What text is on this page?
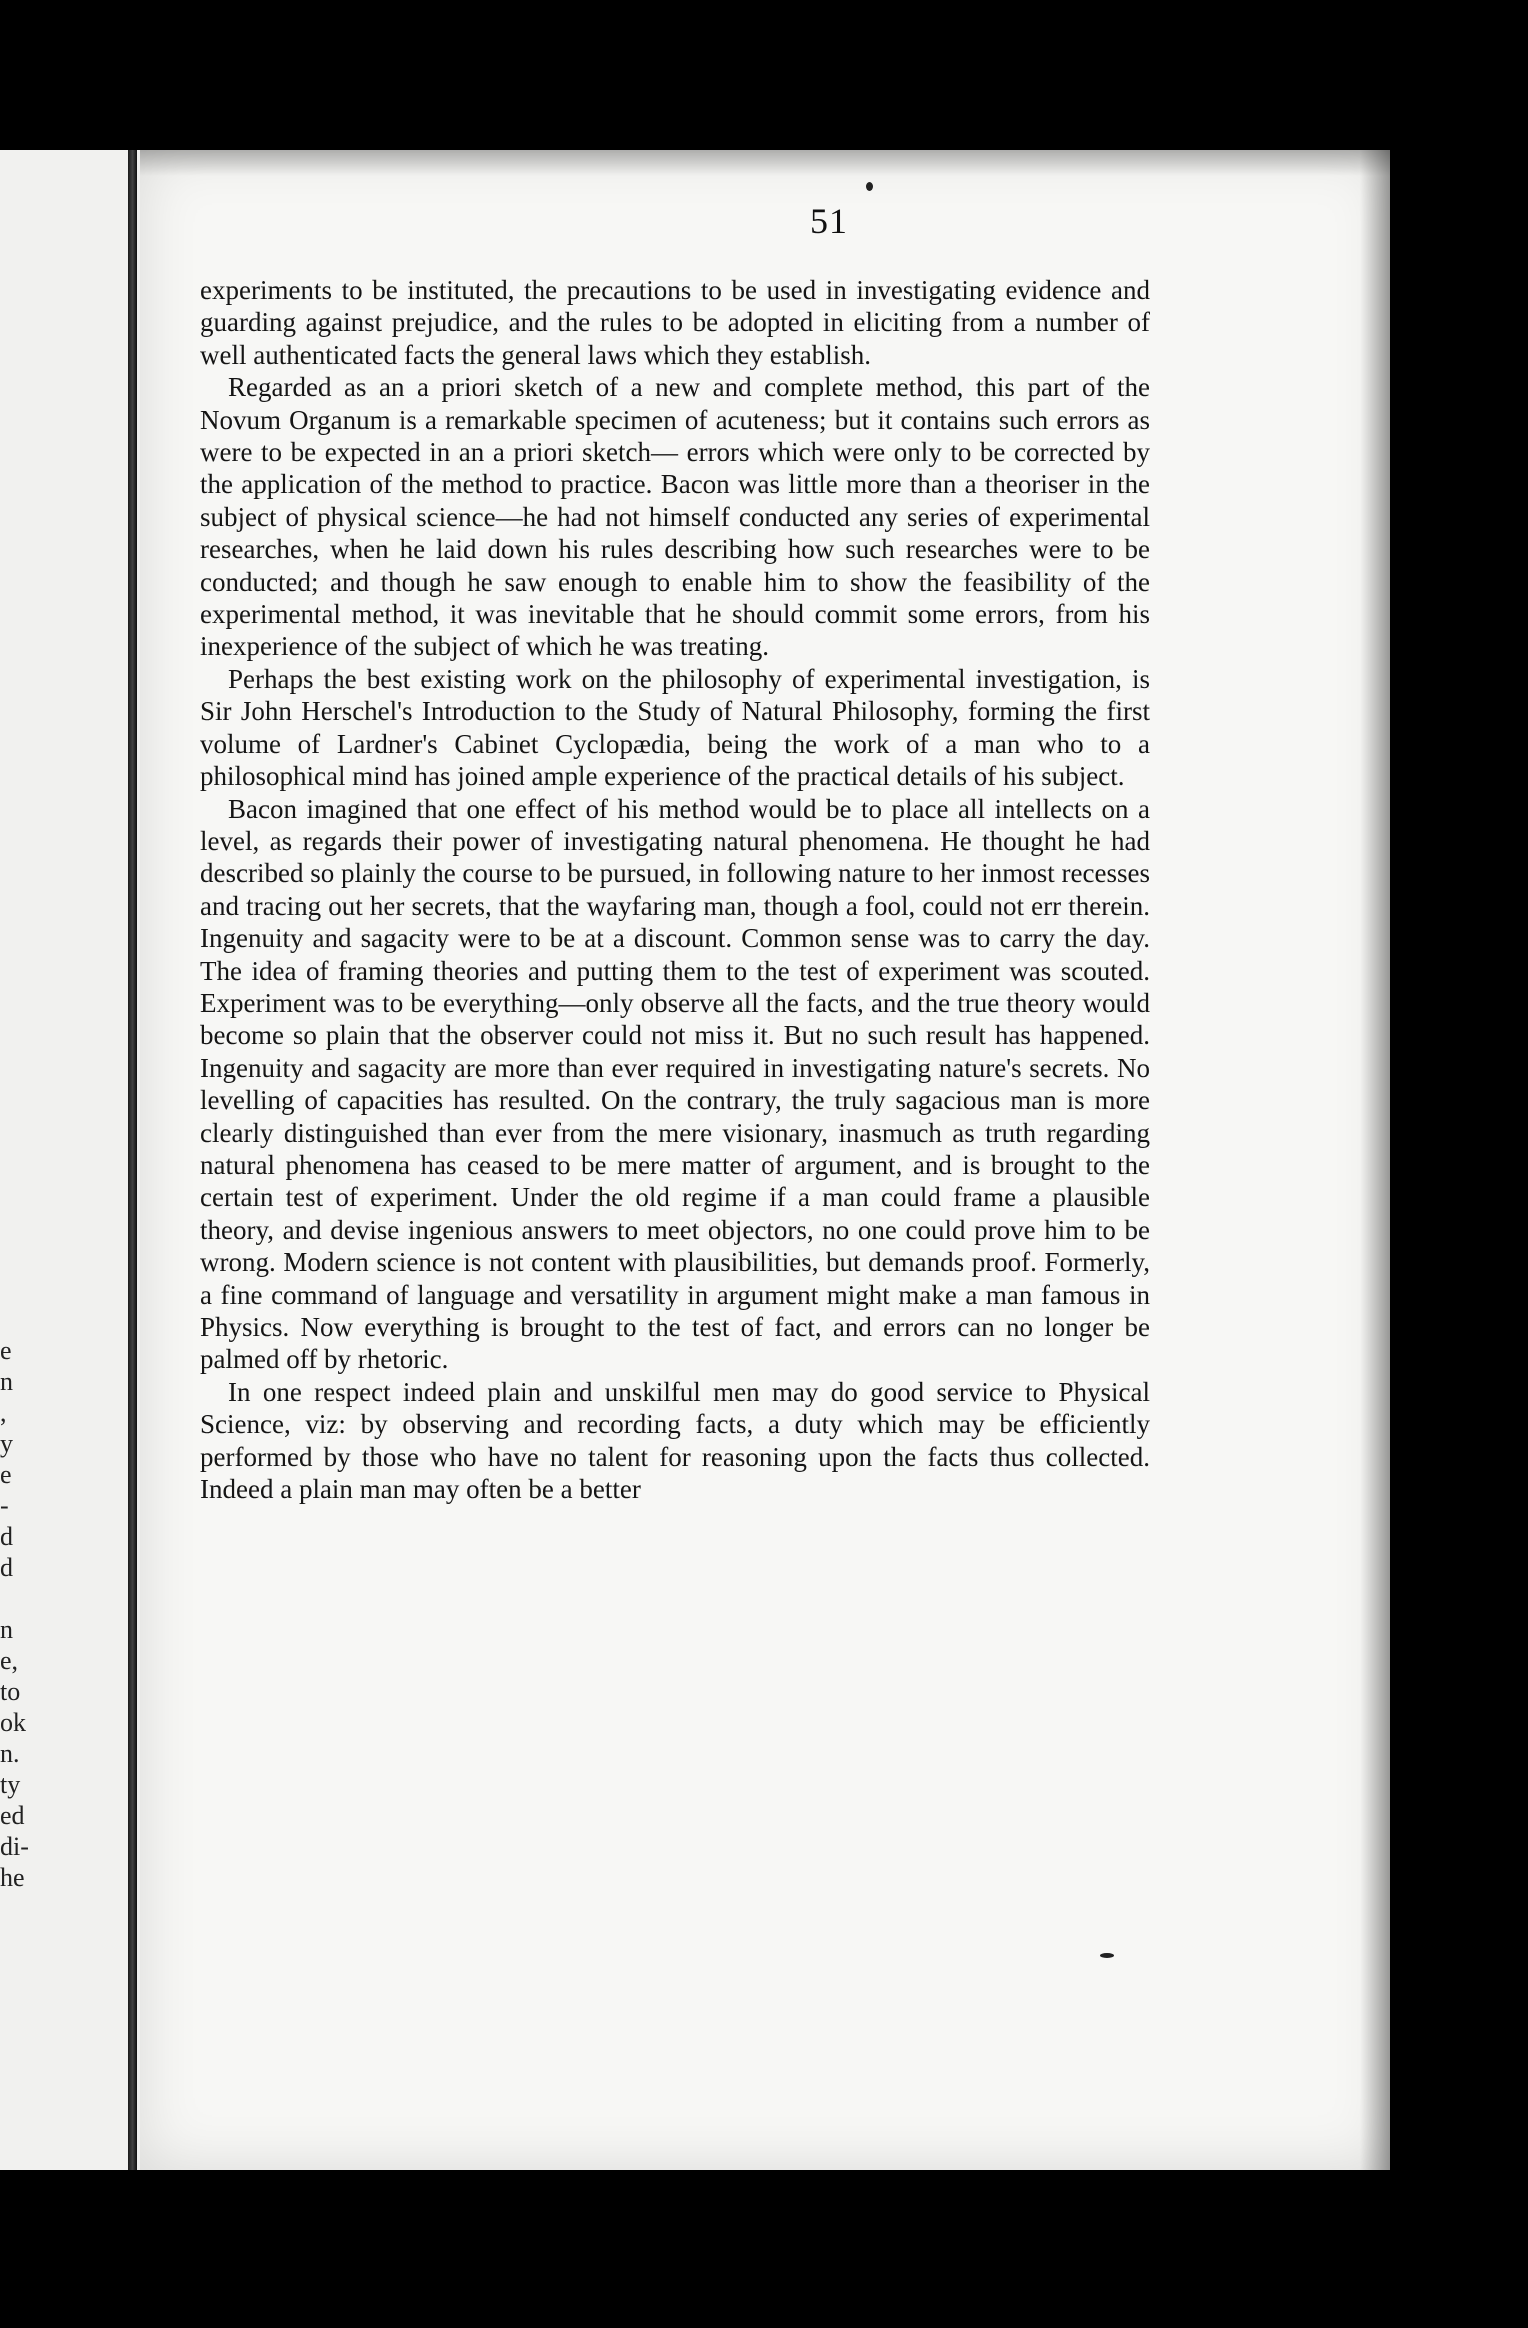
e
n
,
y
e
-
d
d
n
e,
to
ok
n.
ty
ed
di-
he
51

experiments to be instituted, the precautions to be used in investigating evidence and guarding against prejudice, and the rules to be adopted in eliciting from a number of well authenticated facts the general laws which they establish.

Regarded as an a priori sketch of a new and complete method, this part of the Novum Organum is a remarkable specimen of acuteness; but it contains such errors as were to be expected in an a priori sketch— errors which were only to be corrected by the application of the method to practice. Bacon was little more than a theoriser in the subject of physical science—he had not himself conducted any series of experimental researches, when he laid down his rules describing how such researches were to be conducted; and though he saw enough to enable him to show the feasibility of the experimental method, it was inevitable that he should commit some errors, from his inexperience of the subject of which he was treating.

Perhaps the best existing work on the philosophy of experimental investigation, is Sir John Herschel's Introduction to the Study of Natural Philosophy, forming the first volume of Lardner's Cabinet Cyclopædia, being the work of a man who to a philosophical mind has joined ample experience of the practical details of his subject.

Bacon imagined that one effect of his method would be to place all intellects on a level, as regards their power of investigating natural phenomena. He thought he had described so plainly the course to be pursued, in following nature to her inmost recesses and tracing out her secrets, that the wayfaring man, though a fool, could not err therein. Ingenuity and sagacity were to be at a discount. Common sense was to carry the day. The idea of framing theories and putting them to the test of experiment was scouted. Experiment was to be everything—only observe all the facts, and the true theory would become so plain that the observer could not miss it. But no such result has happened. Ingenuity and sagacity are more than ever required in investigating nature's secrets. No levelling of capacities has resulted. On the contrary, the truly sagacious man is more clearly distinguished than ever from the mere visionary, inasmuch as truth regarding natural phenomena has ceased to be mere matter of argument, and is brought to the certain test of experiment. Under the old regime if a man could frame a plausible theory, and devise ingenious answers to meet objectors, no one could prove him to be wrong. Modern science is not content with plausibilities, but demands proof. Formerly, a fine command of language and versatility in argument might make a man famous in Physics. Now everything is brought to the test of fact, and errors can no longer be palmed off by rhetoric.

In one respect indeed plain and unskilful men may do good service to Physical Science, viz: by observing and recording facts, a duty which may be efficiently performed by those who have no talent for reasoning upon the facts thus collected. Indeed a plain man may often be a better
